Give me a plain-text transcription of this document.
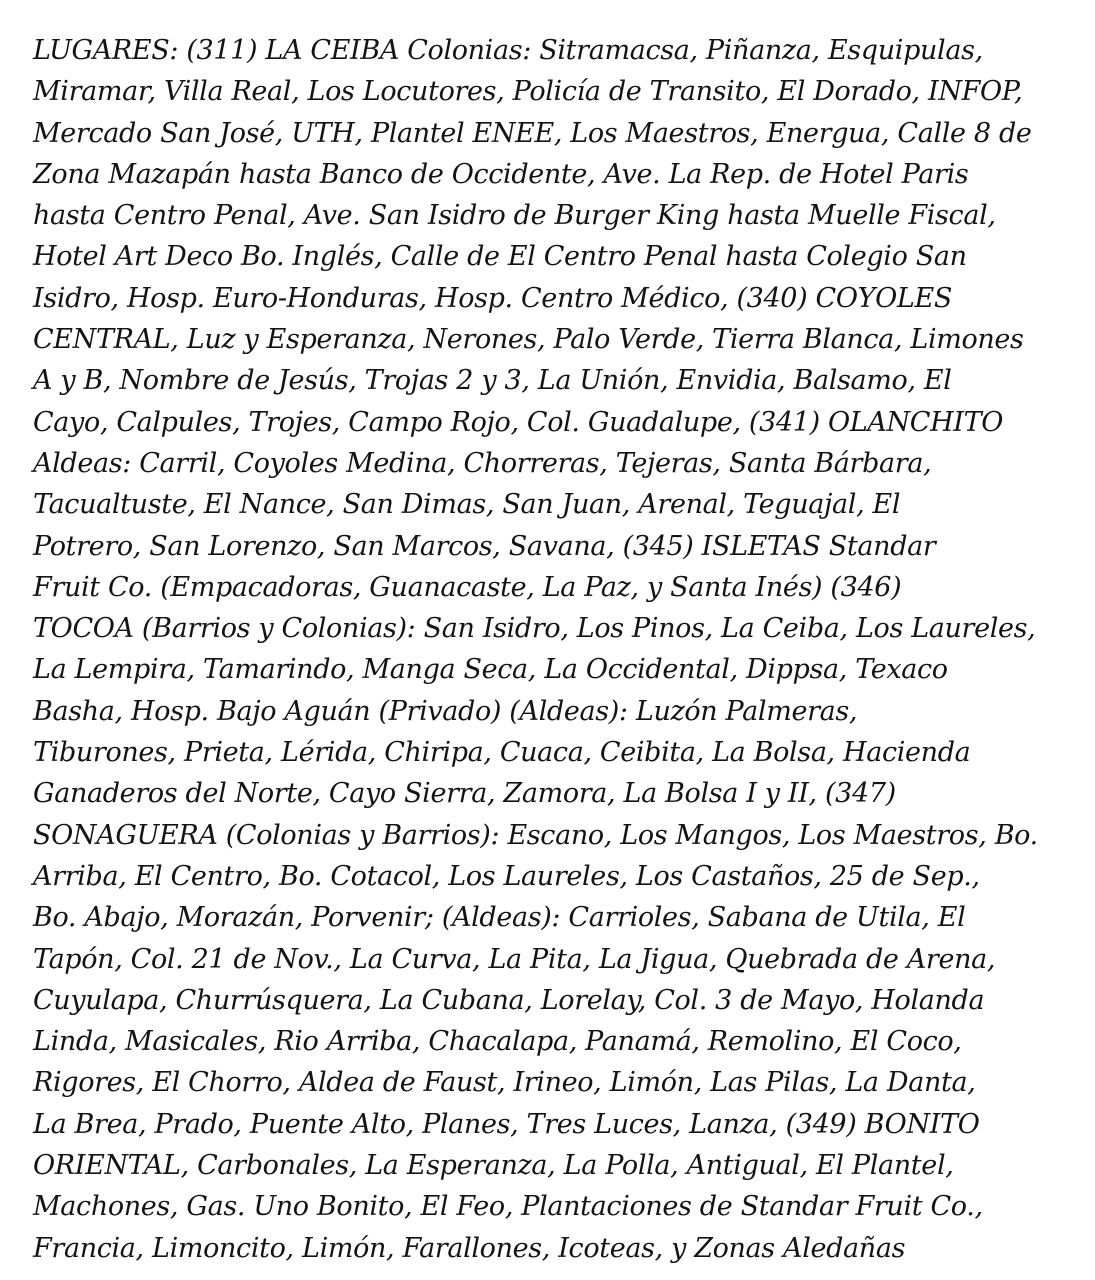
LUGARES: (311) LA CEIBA Colonias: Sitramacsa, Piñanza, Esquipulas,
Miramar, Villa Real, Los Locutores, Policía de Transito, El Dorado, INFOP,
Mercado San José, UTH, Plantel ENEE, Los Maestros, Energua, Calle 8 de
Zona Mazapán hasta Banco de Occidente, Ave. La Rep. de Hotel Paris
hasta Centro Penal, Ave. San Isidro de Burger King hasta Muelle Fiscal,
Hotel Art Deco Bo. Inglés, Calle de El Centro Penal hasta Colegio San
Isidro, Hosp. Euro-Honduras, Hosp. Centro Médico, (340) COYOLES
CENTRAL, Luz y Esperanza, Nerones, Palo Verde, Tierra Blanca, Limones
A y B, Nombre de Jesús, Trojas 2 y 3, La Unión, Envidia, Balsamo, El
Cayo, Calpules, Trojes, Campo Rojo, Col. Guadalupe, (341) OLANCHITO
Aldeas: Carril, Coyoles Medina, Chorreras, Tejeras, Santa Bárbara,
Tacualtuste, El Nance, San Dimas, San Juan, Arenal, Teguajal, El
Potrero, San Lorenzo, San Marcos, Savana, (345) ISLETAS Standar
Fruit Co. (Empacadoras, Guanacaste, La Paz, y Santa Inés) (346)
TOCOA (Barrios y Colonias): San Isidro, Los Pinos, La Ceiba, Los Laureles,
La Lempira, Tamarindo, Manga Seca, La Occidental, Dippsa, Texaco
Basha, Hosp. Bajo Aguán (Privado) (Aldeas): Luzón Palmeras,
Tiburones, Prieta, Lérida, Chiripa, Cuaca, Ceibita, La Bolsa, Hacienda
Ganaderos del Norte, Cayo Sierra, Zamora, La Bolsa I y II, (347)
SONAGUERA (Colonias y Barrios): Escano, Los Mangos, Los Maestros, Bo.
Arriba, El Centro, Bo. Cotacol, Los Laureles, Los Castaños, 25 de Sep.,
Bo. Abajo, Morazán, Porvenir; (Aldeas): Carrioles, Sabana de Utila, El
Tapón, Col. 21 de Nov., La Curva, La Pita, La Jigua, Quebrada de Arena,
Cuyulapa, Churrúsquera, La Cubana, Lorelay, Col. 3 de Mayo, Holanda
Linda, Masicales, Rio Arriba, Chacalapa, Panamá, Remolino, El Coco,
Rigores, El Chorro, Aldea de Faust, Irineo, Limón, Las Pilas, La Danta,
La Brea, Prado, Puente Alto, Planes, Tres Luces, Lanza, (349) BONITO
ORIENTAL, Carbonales, La Esperanza, La Polla, Antigual, El Plantel,
Machones, Gas. Uno Bonito, El Feo, Plantaciones de Standar Fruit Co.,
Francia, Limoncito, Limón, Farallones, Icoteas, y Zonas Aledañas
